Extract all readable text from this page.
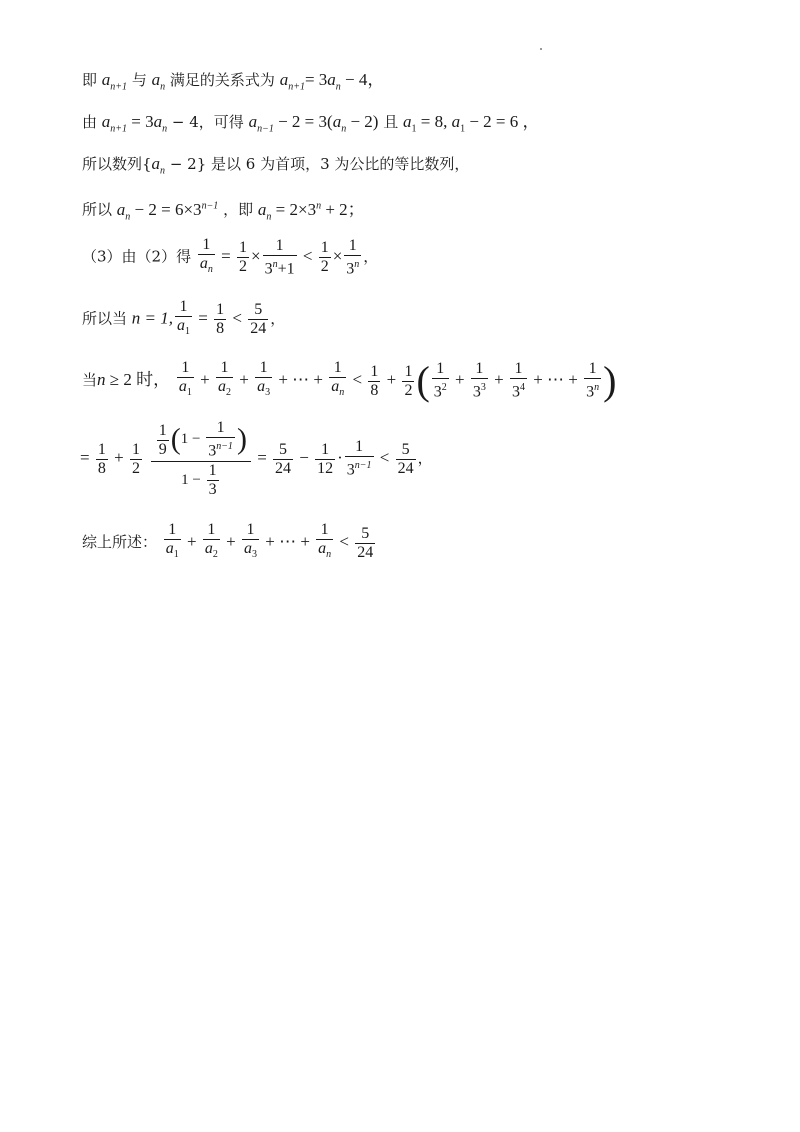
即 $a_{n+1}$ 与 $a_n$ 满足的关系式为 $a_{n+1}= 3a_n - 4$，
由 $a_{n+1} = 3a_n - 4$，可得 $a_{n-1} - 2 = 3(a_n - 2)$ 且 $a_1 = 8$, $a_1 - 2 = 6$ ，
所以数列$\{a_n - 2\}$ 是以 6 为首项，3 为公比的等比数列，
所以 $a_n - 2 = 6\times 3^{n-1}$ ，即 $a_n = 2\times 3^n + 2$；
（3）由（2）得 $\frac{1}{a_n} = \frac{1}{2} \times \frac{1}{3^n+1} < \frac{1}{2} \times \frac{1}{3^n}$ ，
所以当 n = 1, $\frac{1}{a_1} = \frac{1}{8} < \frac{5}{24}$ ，
当n ≥ 2 时， $\frac{1}{a_1} + \frac{1}{a_2} + \frac{1}{a_3}$ + ⋯ + $\frac{1}{a_n} < \frac{1}{8} + \frac{1}{2}$ ( $\frac{1}{3^2} + \frac{1}{3^3} + \frac{1}{3^4}$ + ⋯ + $\frac{1}{3^n}$ )
= $\frac{1}{8} + \frac{1}{2}$
$\frac{\frac{1}{9} (1 - \frac{1}{3^{n-1}} )}{1 - \frac{1}{3}} = \frac{5}{24} - \frac{1}{12} \cdot \frac{1}{3^{n-1}} < \frac{5}{24}$ ，
综上所述： $\frac{1}{a_1} + \frac{1}{a_2} + \frac{1}{a_3}$ + ⋯ + $\frac{1}{a_n} < \frac{5}{24}$
